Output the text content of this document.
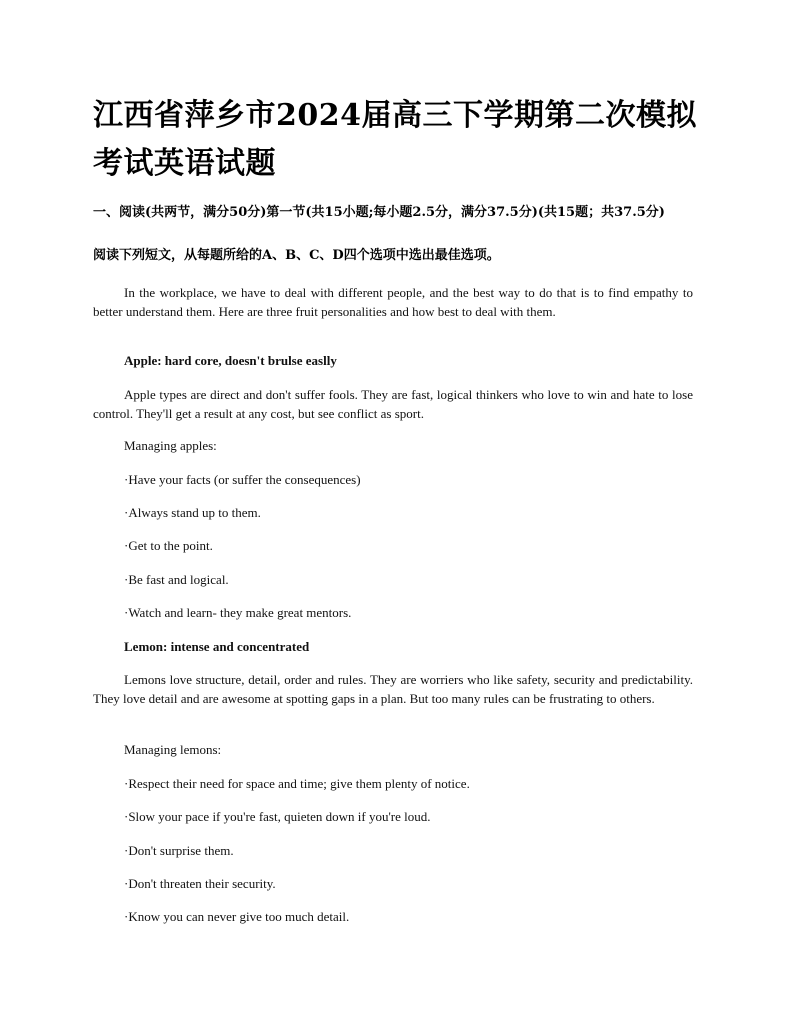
江西省萍乡市2024届高三下学期第二次模拟考试英语试题

一、阅读(共两节，满分50分)第一节(共15小题;每小题2.5分，满分37.5分)(共15题；共37.5分)

阅读下列短文，从每题所给的A、B、C、D四个选项中选出最佳选项。

In the workplace, we have to deal with different people, and the best way to do that is to find empathy to better understand them. Here are three fruit personalities and how best to deal with them.

Apple: hard core, doesn't brulse easlly

Apple types are direct and don't suffer fools. They are fast, logical thinkers who love to win and hate to lose control. They'll get a result at any cost, but see conflict as sport.

Managing apples:

·Have your facts (or suffer the consequences)

·Always stand up to them.

·Get to the point.

·Be fast and logical.

·Watch and learn- they make great mentors.

Lemon: intense and concentrated

Lemons love structure, detail, order and rules. They are worriers who like safety, security and predictability. They love detail and are awesome at spotting gaps in a plan. But too many rules can be frustrating to others.

Managing lemons:

·Respect their need for space and time; give them plenty of notice.

·Slow your pace if you're fast, quieten down if you're loud.

·Don't surprise them.

·Don't threaten their security.

·Know you can never give too much detail.
